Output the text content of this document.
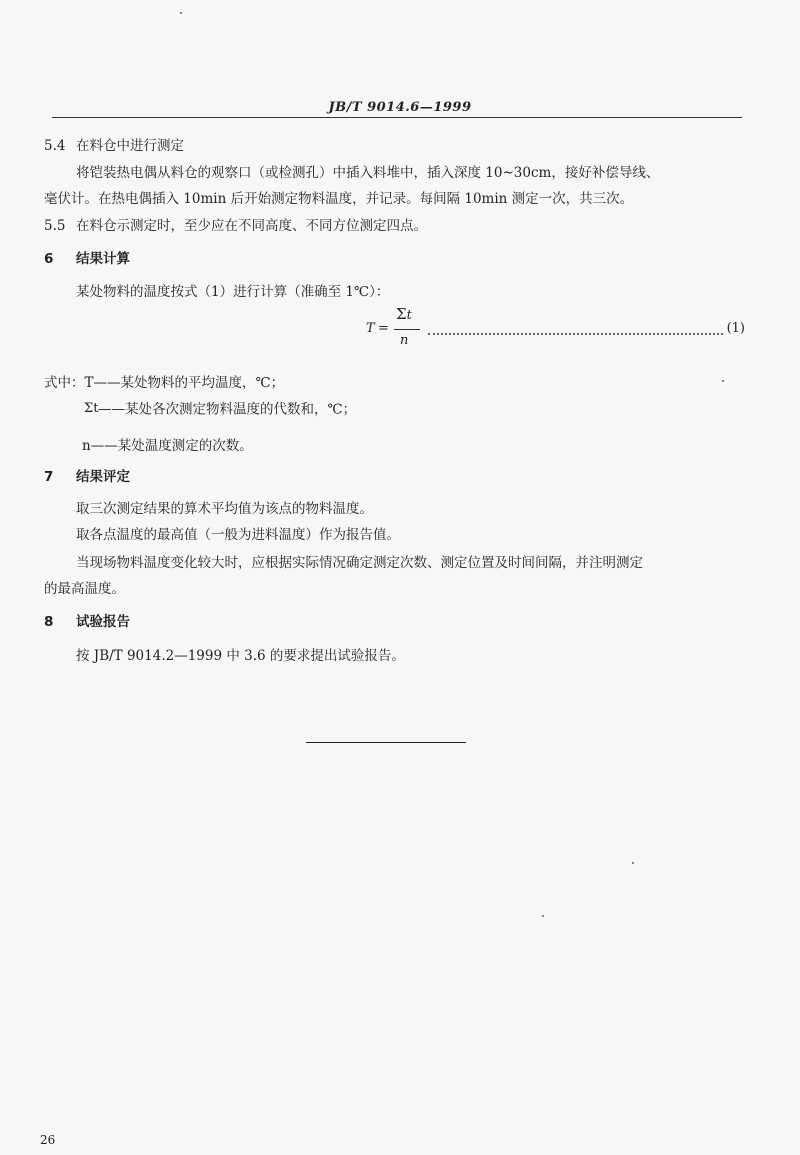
JB/T 9014.6—1999
5.4 在料仓中进行测定
将铠装热电偶从料仓的观察口（或检测孔）中插入料堆中，插入深度 10~30cm，接好补偿导线、
毫伏计。在热电偶插入 10min 后开始测定物料温度，并记录。每间隔 10min 测定一次，共三次。
5.5 在料仓示测定时，至少应在不同高度、不同方位测定四点。
6 结果计算
某处物料的温度按式（1）进行计算（准确至 1℃）：
T =
Σt
n
(1)
式中：T——某处物料的平均温度，℃；
Σt ——某处各次测定物料温度的代数和，℃；
n——某处温度测定的次数。
7 结果评定
取三次测定结果的算术平均值为该点的物料温度。
取各点温度的最高值（一般为进料温度）作为报告值。
当现场物料温度变化较大时，应根据实际情况确定测定次数、测定位置及时间间隔，并注明测定
的最高温度。
8 试验报告
按 JB/T 9014.2—1999 中 3.6 的要求提出试验报告。
26
